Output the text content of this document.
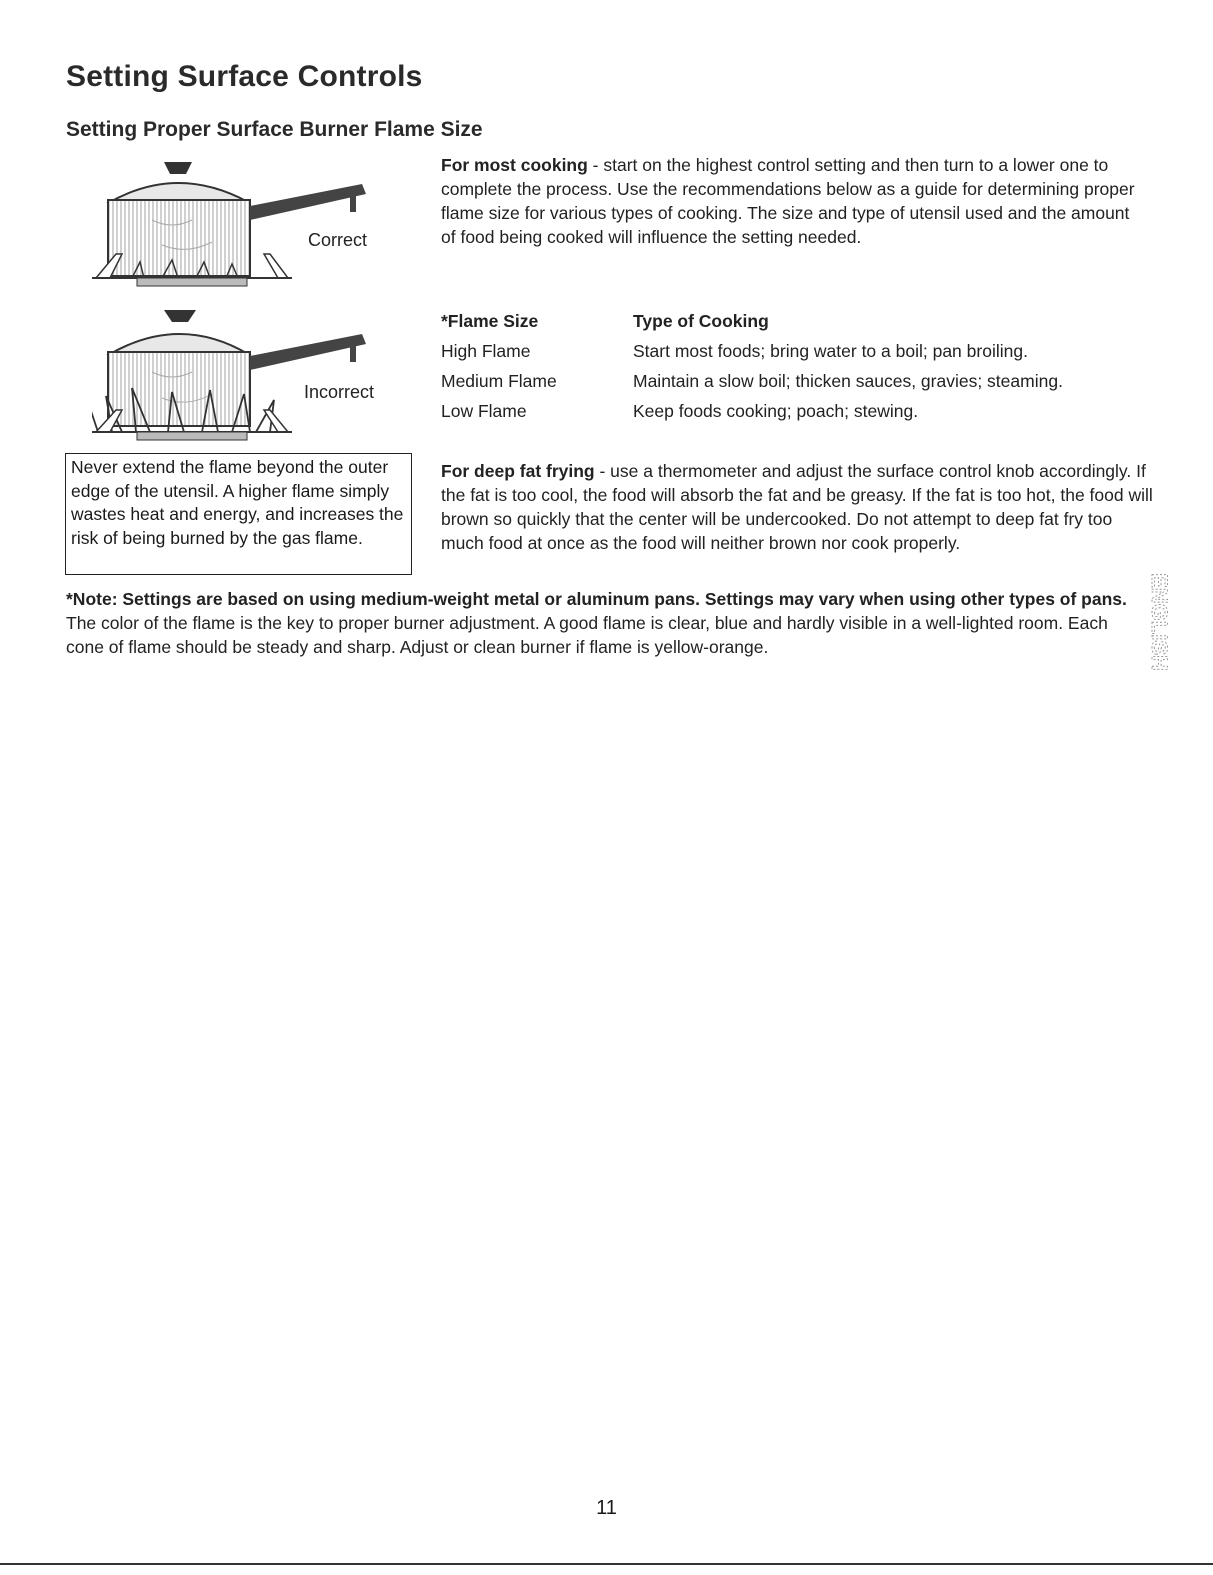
Setting Surface Controls
Setting Proper Surface Burner Flame Size
Correct
Incorrect
For most cooking - start on the highest control setting and then turn to a lower one to complete the process. Use the recommendations below as a guide for determining proper flame size for various types of cooking. The size and type of utensil used and the amount of food being cooked will influence the setting needed.
*Flame Size	Type of Cooking
High Flame	Start most foods; bring water to a boil; pan broiling.
Medium Flame	Maintain a slow boil; thicken sauces, gravies; steaming.
Low Flame	Keep foods cooking; poach; stewing.
Never extend the flame beyond the outer edge of the utensil. A higher flame simply wastes heat and energy, and increases the risk of being burned by the gas flame.
For deep fat frying - use a thermometer and adjust the surface control knob accordingly. If the fat is too cool, the food will absorb the fat and be greasy. If the fat is too hot, the food will brown so quickly that the center will be undercooked. Do not attempt to deep fat fry too much food at once as the food will neither brown nor cook properly.
*Note: Settings are based on using medium-weight metal or aluminum pans. Settings may vary when using other types of pans. The color of the flame is the key to proper burner adjustment. A good flame is clear, blue and hardly visible in a well-lighted room. Each cone of flame should be steady and sharp. Adjust or clean burner if flame is yellow-orange.	ENGLISH
11
